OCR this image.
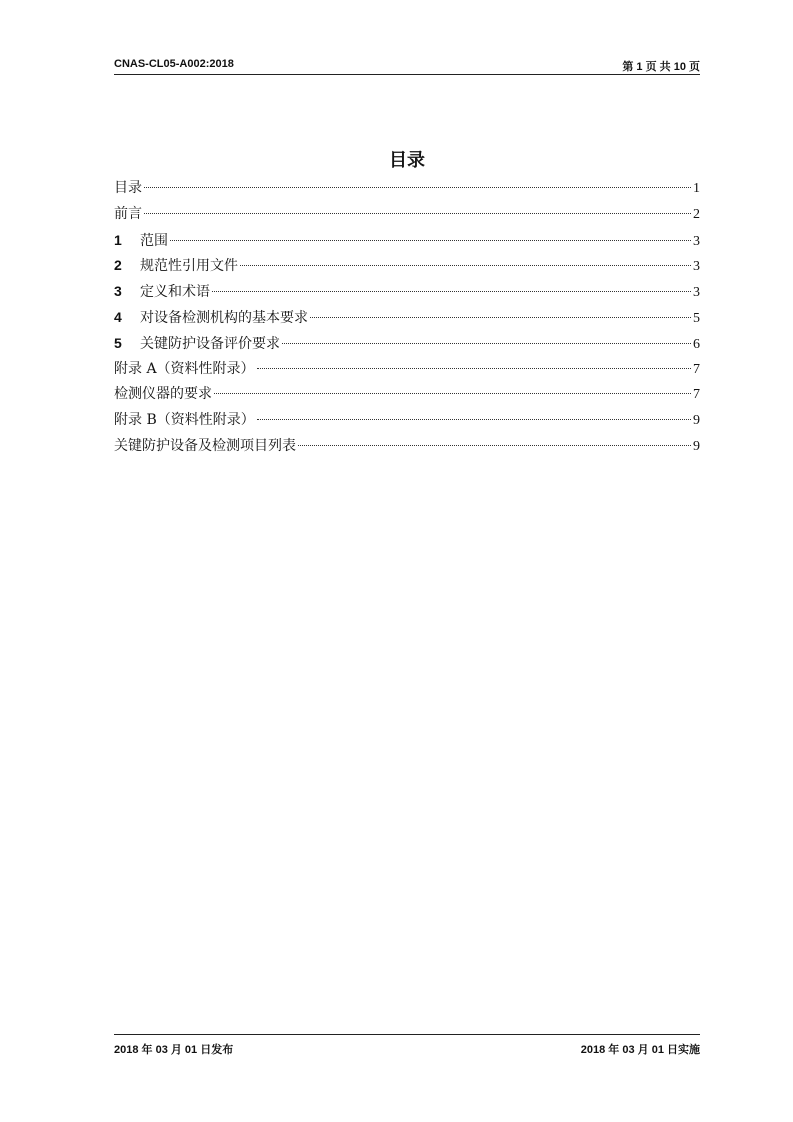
CNAS-CL05-A002:2018	第 1 页 共 10 页
目录
目录	1
前言	2
1	范围	3
2	规范性引用文件	3
3	定义和术语	3
4	对设备检测机构的基本要求	5
5	关键防护设备评价要求	6
附录 A（资料性附录）	7
检测仪器的要求	7
附录 B（资料性附录）	9
关键防护设备及检测项目列表	9
2018 年 03 月 01 日发布	2018 年 03 月 01 日实施
